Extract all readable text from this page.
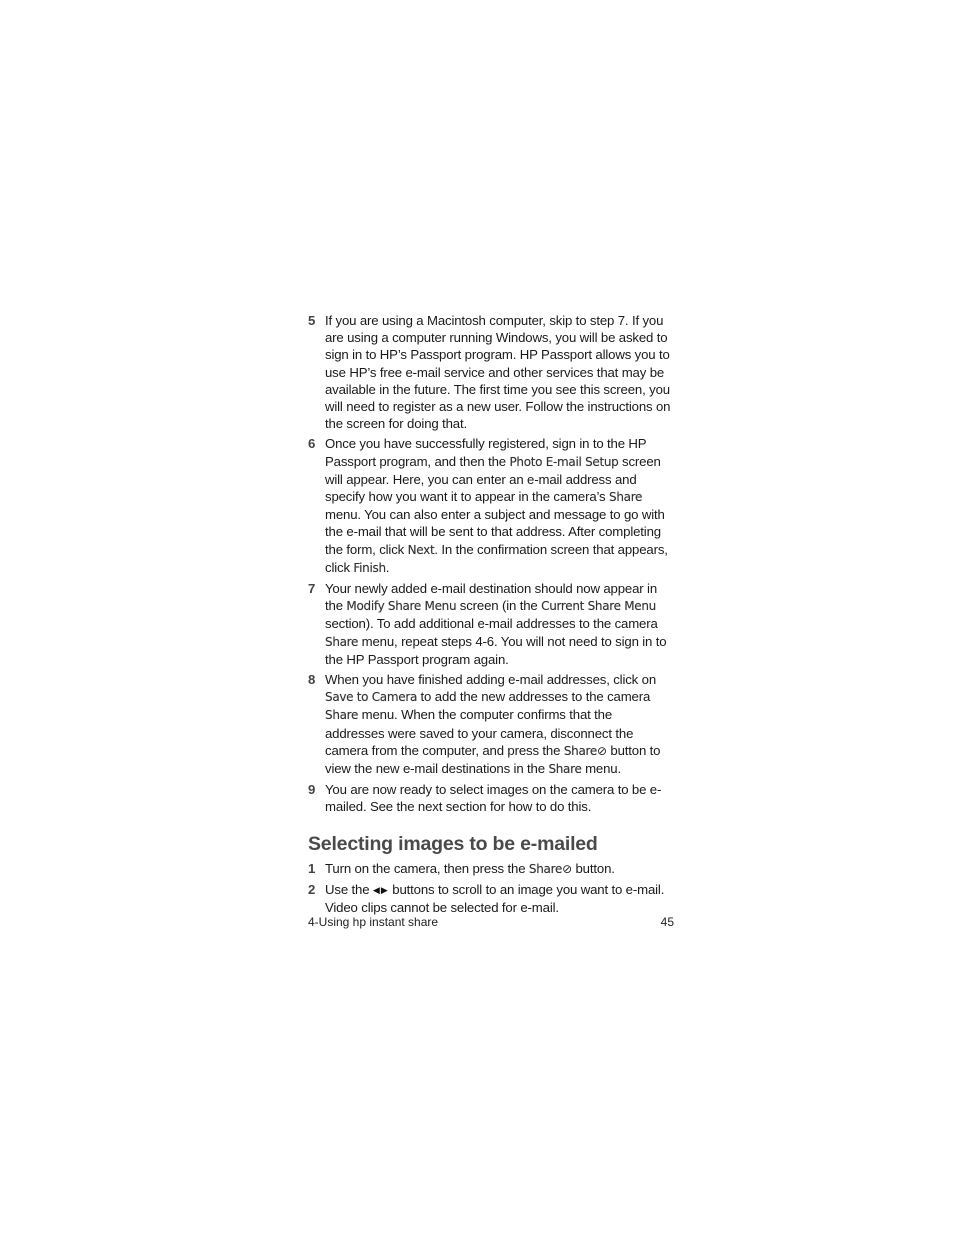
5 If you are using a Macintosh computer, skip to step 7. If you are using a computer running Windows, you will be asked to sign in to HP’s Passport program. HP Passport allows you to use HP’s free e-mail service and other services that may be available in the future. The first time you see this screen, you will need to register as a new user. Follow the instructions on the screen for doing that.
6 Once you have successfully registered, sign in to the HP Passport program, and then the Photo E-mail Setup screen will appear. Here, you can enter an e-mail address and specify how you want it to appear in the camera’s Share menu. You can also enter a subject and message to go with the e-mail that will be sent to that address. After completing the form, click Next. In the confirmation screen that appears, click Finish.
7 Your newly added e-mail destination should now appear in the Modify Share Menu screen (in the Current Share Menu section). To add additional e-mail addresses to the camera Share menu, repeat steps 4-6. You will not need to sign in to the HP Passport program again.
8 When you have finished adding e-mail addresses, click on Save to Camera to add the new addresses to the camera Share menu. When the computer confirms that the addresses were saved to your camera, disconnect the camera from the computer, and press the Share⊘ button to view the new e-mail destinations in the Share menu.
9 You are now ready to select images on the camera to be e-mailed. See the next section for how to do this.
Selecting images to be e-mailed
1 Turn on the camera, then press the Share⊘ button.
2 Use the ◀▶ buttons to scroll to an image you want to e-mail. Video clips cannot be selected for e-mail.
4-Using hp instant share	45
